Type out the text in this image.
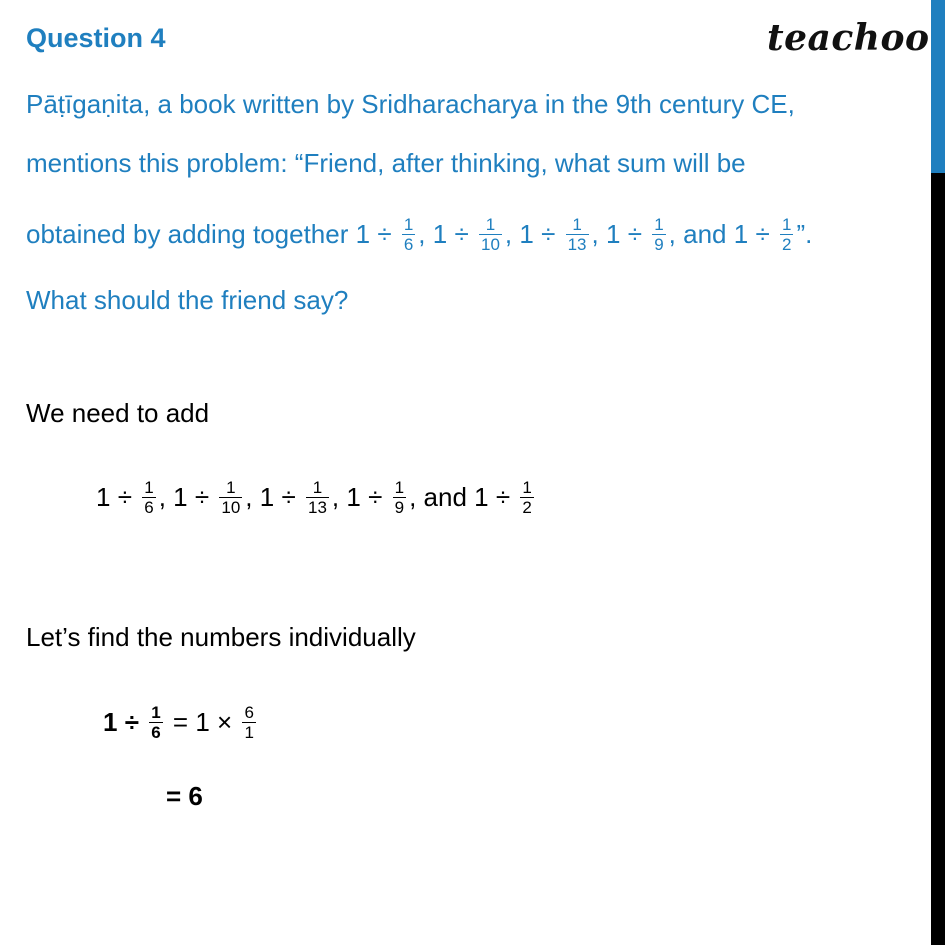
Question 4	teachoo
Pāṭīgaṇita, a book written by Sridharacharya in the 9th century CE,
mentions this problem: “Friend, after thinking, what sum will be
obtained by adding together $1 \div \frac{1}{6}$ , $1 \div \frac{1}{10}$ , $1 \div \frac{1}{13}$ , $1 \div \frac{1}{9}$ , and $1 \div \frac{1}{2}$ ”.
What should the friend say?
We need to add
$1 \div \frac{1}{6}$ , $1 \div \frac{1}{10}$ , $1 \div \frac{1}{13}$ , $1 \div \frac{1}{9}$ , and $1 \div \frac{1}{2}$
Let’s find the numbers individually
$1 \div \frac{1}{6} = 1 \times \frac{6}{1}$
= 6
